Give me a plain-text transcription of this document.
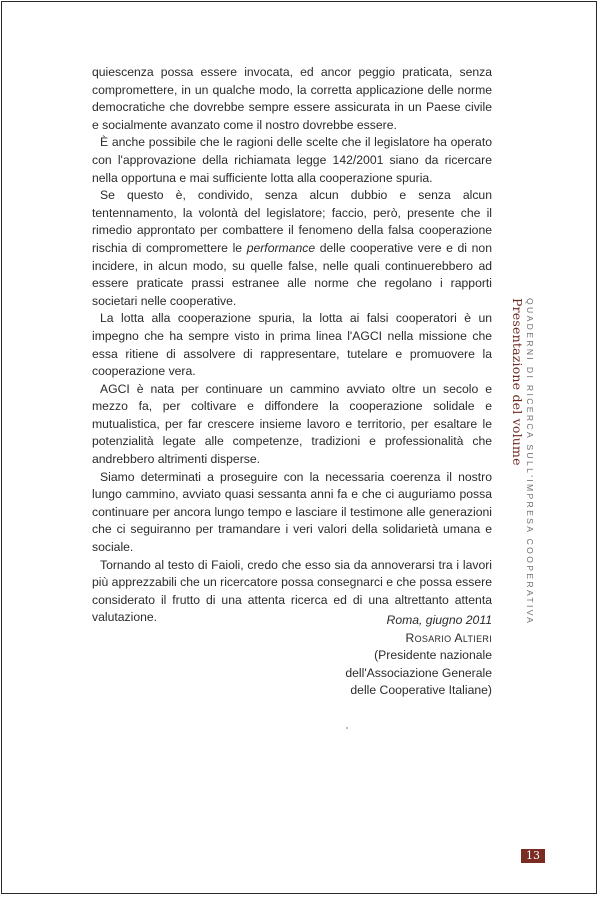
quiescenza possa essere invocata, ed ancor peggio praticata, senza compromettere, in un qualche modo, la corretta applicazione delle norme democratiche che dovrebbe sempre essere assicurata in un Paese civile e socialmente avanzato come il nostro dovrebbe essere.

È anche possibile che le ragioni delle scelte che il legislatore ha operato con l'approvazione della richiamata legge 142/2001 siano da ricercare nella opportuna e mai sufficiente lotta alla cooperazione spuria.

Se questo è, condivido, senza alcun dubbio e senza alcun tentennamento, la volontà del legislatore; faccio, però, presente che il rimedio approntato per combattere il fenomeno della falsa cooperazione rischia di compromettere le performance delle cooperative vere e di non incidere, in alcun modo, su quelle false, nelle quali continuerebbero ad essere praticate prassi estranee alle norme che regolano i rapporti societari nelle cooperative.

La lotta alla cooperazione spuria, la lotta ai falsi cooperatori è un impegno che ha sempre visto in prima linea l'AGCI nella missione che essa ritiene di assolvere di rappresentare, tutelare e promuovere la cooperazione vera.

AGCI è nata per continuare un cammino avviato oltre un secolo e mezzo fa, per coltivare e diffondere la cooperazione solidale e mutualistica, per far crescere insieme lavoro e territorio, per esaltare le potenzialità legate alle competenze, tradizioni e professionalità che andrebbero altrimenti disperse.

Siamo determinati a proseguire con la necessaria coerenza il nostro lungo cammino, avviato quasi sessanta anni fa e che ci auguriamo possa continuare per ancora lungo tempo e lasciare il testimone alle generazioni che ci seguiranno per tramandare i veri valori della solidarietà umana e sociale.

Tornando al testo di Faioli, credo che esso sia da annoverarsi tra i lavori più apprezzabili che un ricercatore possa consegnarci e che possa essere considerato il frutto di una attenta ricerca ed di una altrettanto attenta valutazione.	Roma, giugno 2011
Rosario Altieri
(Presidente nazionale
dell'Associazione Generale
delle Cooperative Italiane)
Presentazione del volume QUADERNI DI RICERCA SULL'IMPRESA COOPERATIVA
13
